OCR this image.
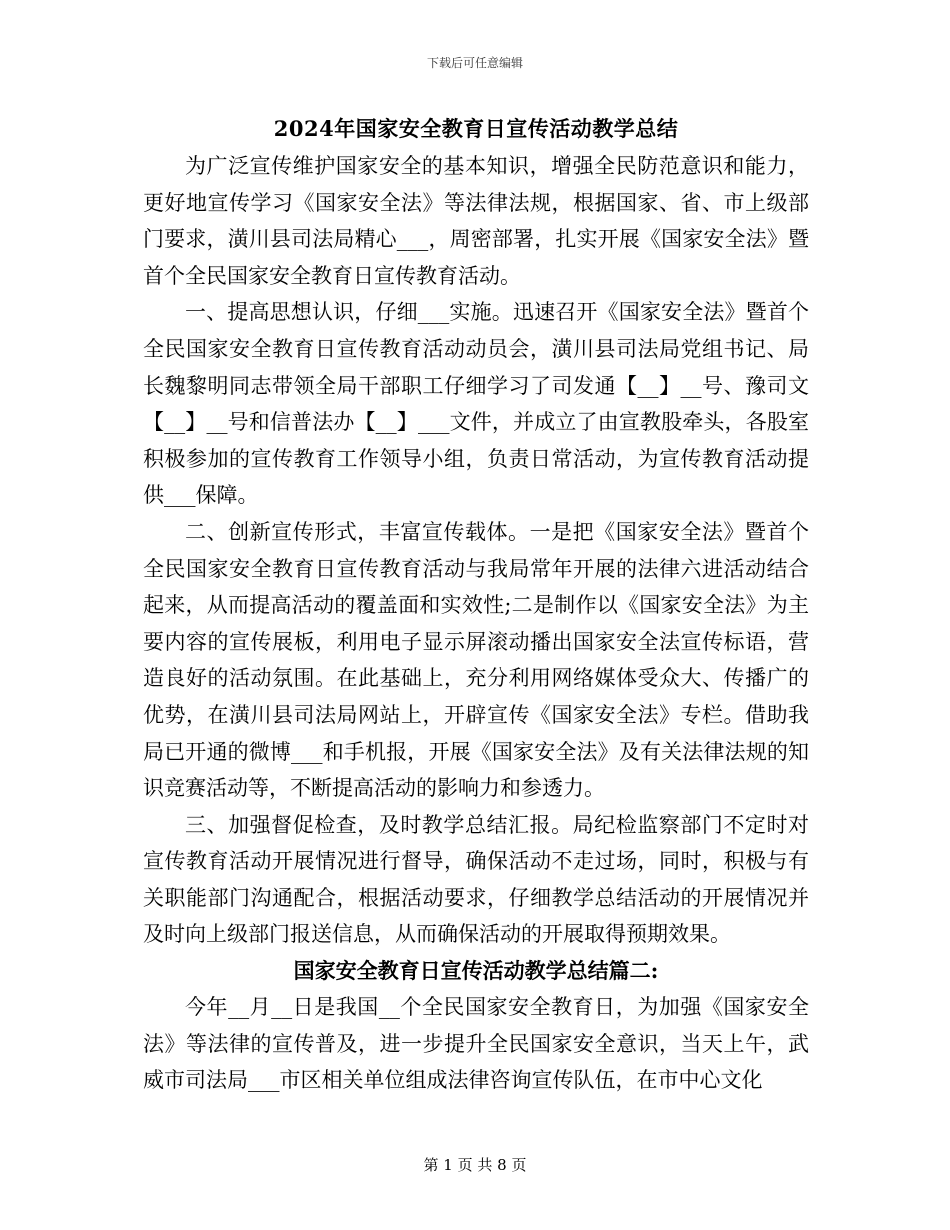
下载后可任意编辑
2024年国家安全教育日宣传活动教学总结

为广泛宣传维护国家安全的基本知识，增强全民防范意识和能力，更好地宣传学习《国家安全法》等法律法规，根据国家、省、市上级部门要求，潢川县司法局精心___，周密部署，扎实开展《国家安全法》暨首个全民国家安全教育日宣传教育活动。

一、提高思想认识，仔细___实施。迅速召开《国家安全法》暨首个全民国家安全教育日宣传教育活动动员会，潢川县司法局党组书记、局长魏黎明同志带领全局干部职工仔细学习了司发通【__】__号、豫司文【__】__号和信普法办【__】___文件，并成立了由宣教股牵头，各股室积极参加的宣传教育工作领导小组，负责日常活动，为宣传教育活动提供___保障。

二、创新宣传形式，丰富宣传载体。一是把《国家安全法》暨首个全民国家安全教育日宣传教育活动与我局常年开展的法律六进活动结合起来，从而提高活动的覆盖面和实效性;二是制作以《国家安全法》为主要内容的宣传展板，利用电子显示屏滚动播出国家安全法宣传标语，营造良好的活动氛围。在此基础上，充分利用网络媒体受众大、传播广的优势，在潢川县司法局网站上，开辟宣传《国家安全法》专栏。借助我局已开通的微博___和手机报，开展《国家安全法》及有关法律法规的知识竞赛活动等，不断提高活动的影响力和参透力。

三、加强督促检查，及时教学总结汇报。局纪检监察部门不定时对宣传教育活动开展情况进行督导，确保活动不走过场，同时，积极与有关职能部门沟通配合，根据活动要求，仔细教学总结活动的开展情况并及时向上级部门报送信息，从而确保活动的开展取得预期效果。

国家安全教育日宣传活动教学总结篇二:

今年__月__日是我国__个全民国家安全教育日，为加强《国家安全法》等法律的宣传普及，进一步提升全民国家安全意识，当天上午，武威市司法局___市区相关单位组成法律咨询宣传队伍，在市中心文化

第 1 页 共 8 页
